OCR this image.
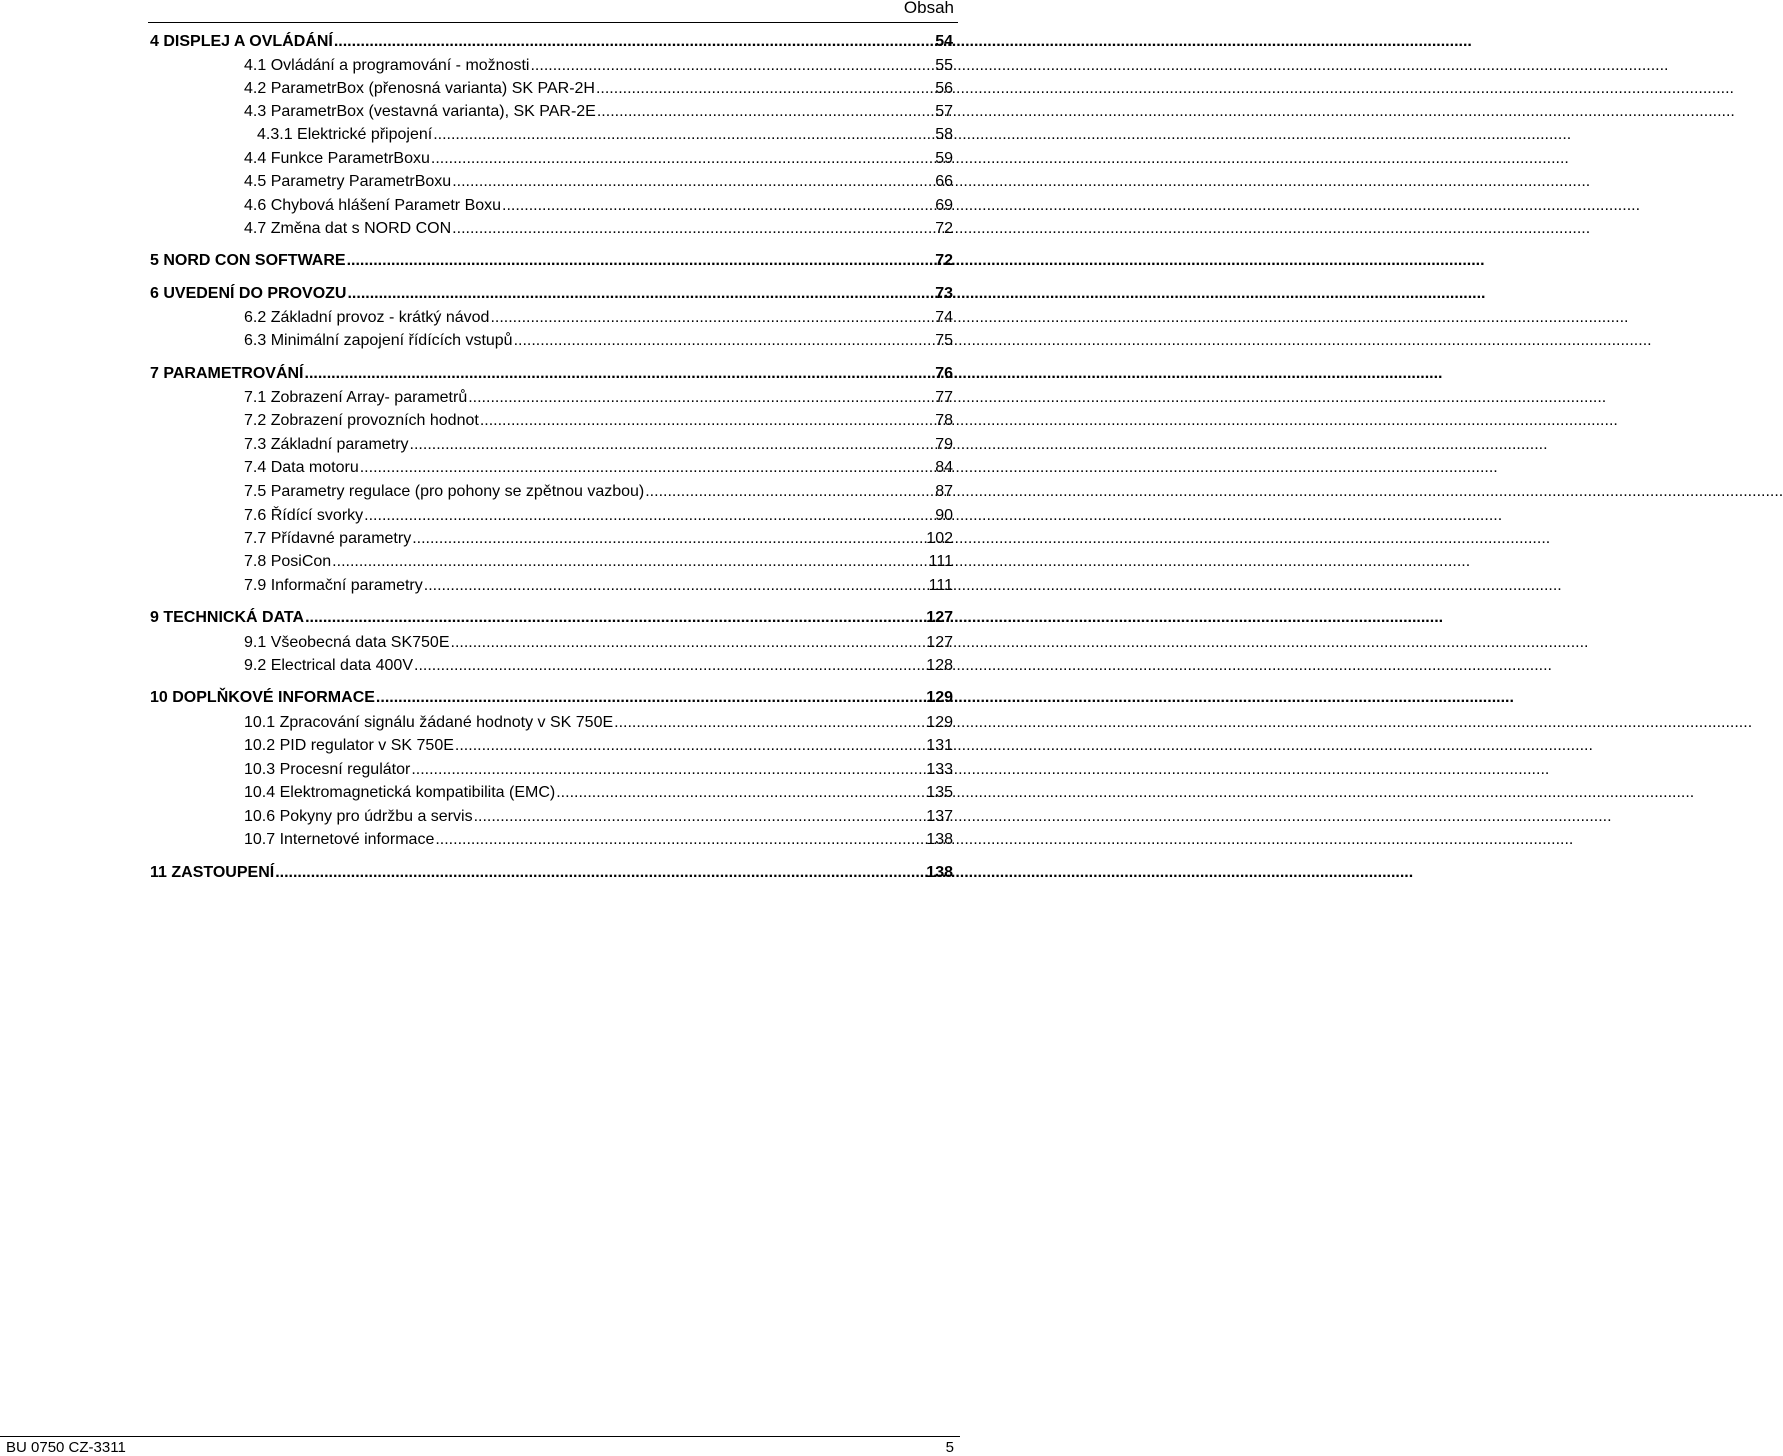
Obsah
4 DISPLEJ A OVLÁDÁNÍ .....	54
4.1 Ovládání a programování - možnosti .....	55
4.2 ParametrBox (přenosná varianta) SK PAR-2H .....	56
4.3 ParametrBox (vestavná varianta), SK PAR-2E .....	57
4.3.1 Elektrické připojení .....	58
4.4 Funkce ParametrBoxu .....	59
4.5 Parametry ParametrBoxu .....	66
4.6 Chybová hlášení Parametr Boxu .....	69
4.7 Změna dat s NORD CON .....	72
5 NORD CON SOFTWARE .....	72
6 UVEDENÍ DO PROVOZU .....	73
6.2 Základní provoz - krátký návod .....	74
6.3 Minimální zapojení řídících vstupů .....	75
7 PARAMETROVÁNÍ .....	76
7.1 Zobrazení Array- parametrů .....	77
7.2 Zobrazení provozních hodnot .....	78
7.3 Základní parametry .....	79
7.4 Data motoru .....	84
7.5 Parametry regulace (pro pohony se zpětnou vazbou) .....	87
7.6 Řídící svorky .....	90
7.7 Přídavné parametry .....	102
7.8 PosiCon .....	111
7.9 Informační parametry .....	111
9 TECHNICKÁ DATA .....	127
9.1 Všeobecná data SK750E .....	127
9.2 Electrical data 400V .....	128
10 DOPLŇKOVÉ INFORMACE .....	129
10.1 Zpracování signálu žádané hodnoty v SK 750E .....	129
10.2 PID regulator v SK 750E .....	131
10.3 Procesní regulátor .....	133
10.4 Elektromagnetická kompatibilita (EMC) .....	135
10.6 Pokyny pro údržbu a servis .....	137
10.7 Internetové informace .....	138
11 ZASTOUPENÍ .....	138
BU 0750 CZ-3311	5
